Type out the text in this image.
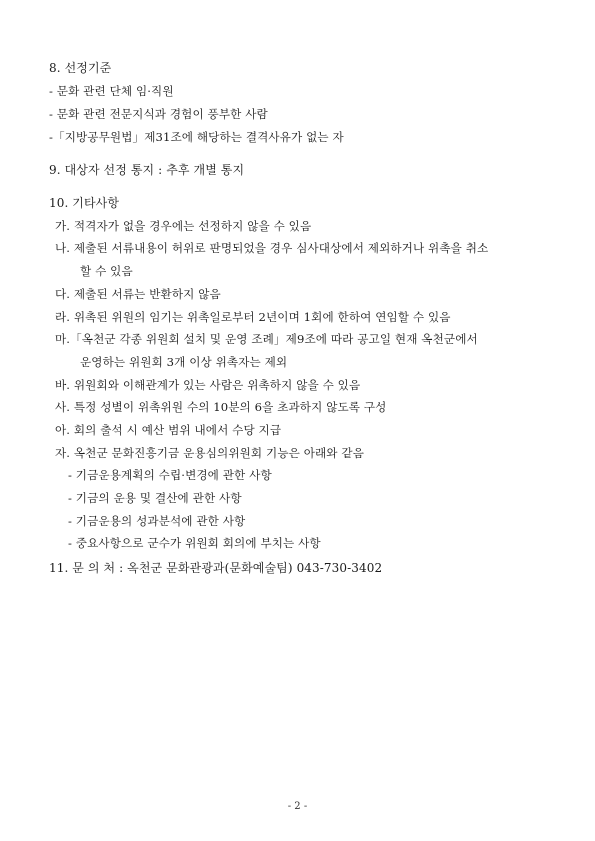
8. 선정기준
- 문화 관련 단체 임·직원
- 문화 관련 전문지식과 경험이 풍부한 사람
-「지방공무원법」제31조에 해당하는 결격사유가 없는 자
9. 대상자 선정 통지 : 추후 개별 통지
10. 기타사항
가. 적격자가 없을 경우에는 선정하지 않을 수 있음
나. 제출된 서류내용이 허위로 판명되었을 경우 심사대상에서 제외하거나 위촉을 취소
할 수 있음
다. 제출된 서류는 반환하지 않음
라. 위촉된 위원의 임기는 위촉일로부터 2년이며 1회에 한하여 연임할 수 있음
마.「옥천군 각종 위원회 설치 및 운영 조례」제9조에 따라 공고일 현재 옥천군에서
운영하는 위원회 3개 이상 위촉자는 제외
바. 위원회와 이해관계가 있는 사람은 위촉하지 않을 수 있음
사. 특정 성별이 위촉위원 수의 10분의 6을 초과하지 않도록 구성
아. 회의 출석 시 예산 범위 내에서 수당 지급
자. 옥천군 문화진흥기금 운용심의위원회 기능은 아래와 같음
- 기금운용계획의 수립·변경에 관한 사항
- 기금의 운용 및 결산에 관한 사항
- 기금운용의 성과분석에 관한 사항
- 중요사항으로 군수가 위원회 회의에 부치는 사항
11. 문 의 처 : 옥천군 문화관광과(문화예술팀) 043-730-3402
- 2 -
